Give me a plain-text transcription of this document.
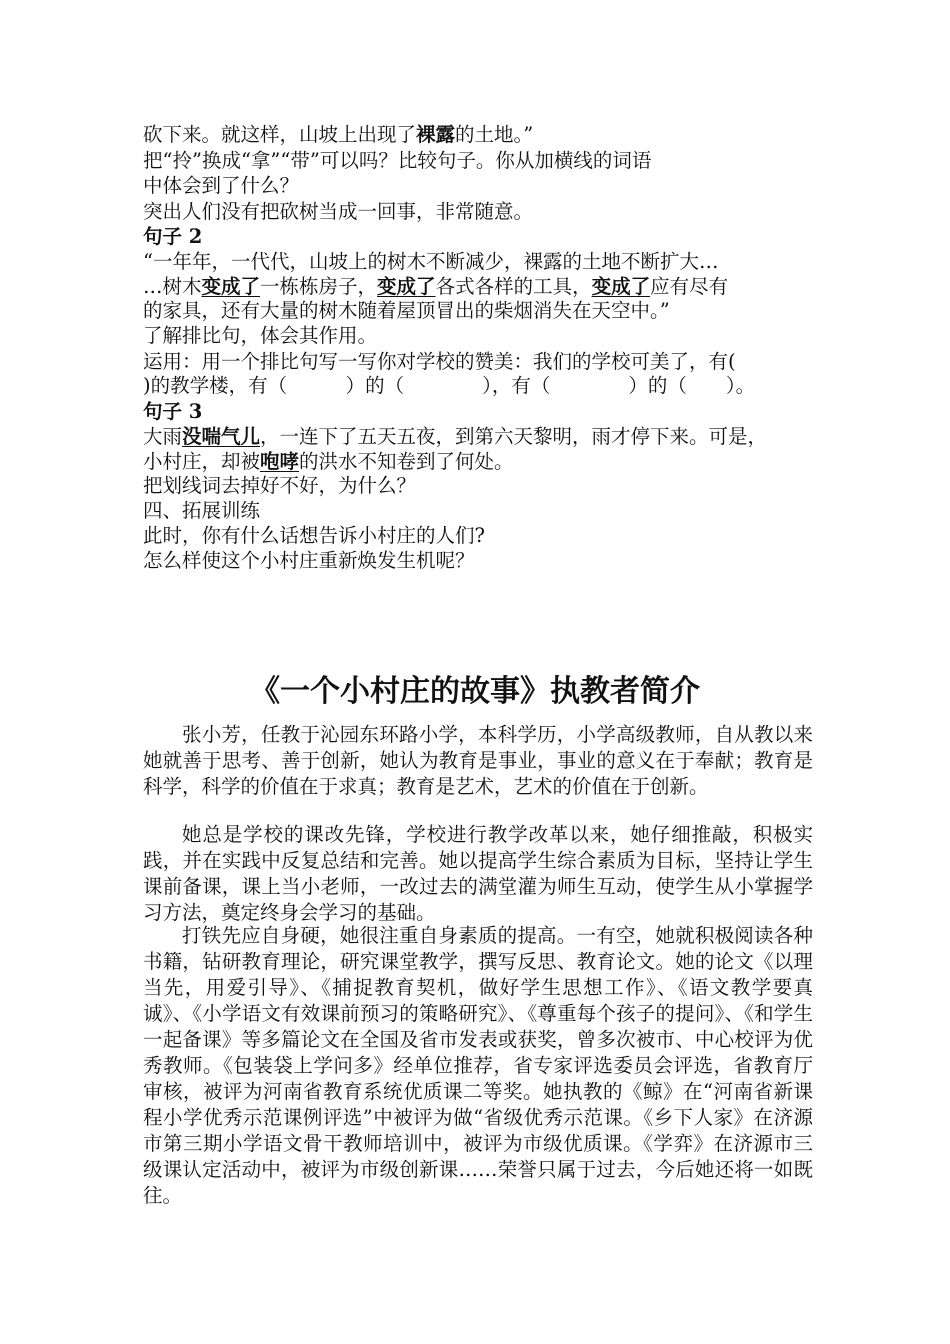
砍下来。就这样，山坡上出现了裸露的土地。”
把“拎”换成“拿”“带”可以吗？比较句子。你从加横线的词语
中体会到了什么？
突出人们没有把砍树当成一回事，非常随意。
句子 2
“一年年，一代代，山坡上的树木不断减少，裸露的土地不断扩大…
…树木变成了一栋栋房子，变成了各式各样的工具，变成了应有尽有
的家具，还有大量的树木随着屋顶冒出的柴烟消失在天空中。”
了解排比句，体会其作用。
运用：用一个排比句写一写你对学校的赞美：我们的学校可美了，有(
)的教学楼，有（　　　）的（　　　　），有（　　　　）的（　　）。
句子 3
大雨没喘气儿，一连下了五天五夜，到第六天黎明，雨才停下来。可是，
小村庄，却被咆哮的洪水不知卷到了何处。
把划线词去掉好不好，为什么？
四、拓展训练
此时，你有什么话想告诉小村庄的人们?
怎么样使这个小村庄重新焕发生机呢？
《一个小村庄的故事》执教者简介
张小芳，任教于沁园东环路小学，本科学历，小学高级教师，自从教以来她就善于思考、善于创新，她认为教育是事业，事业的意义在于奉献；教育是科学，科学的价值在于求真；教育是艺术，艺术的价值在于创新。
她总是学校的课改先锋，学校进行教学改革以来，她仔细推敲，积极实践，并在实践中反复总结和完善。她以提高学生综合素质为目标，坚持让学生课前备课，课上当小老师，一改过去的满堂灌为师生互动，使学生从小掌握学习方法，奠定终身会学习的基础。
打铁先应自身硬，她很注重自身素质的提高。一有空，她就积极阅读各种书籍，钻研教育理论，研究课堂教学，撰写反思、教育论文。她的论文《以理当先，用爱引导》、《捕捉教育契机，做好学生思想工作》、《语文教学要真诚》、《小学语文有效课前预习的策略研究》、《尊重每个孩子的提问》、《和学生一起备课》等多篇论文在全国及省市发表或获奖，曾多次被市、中心校评为优秀教师。《包装袋上学问多》经单位推荐，省专家评选委员会评选，省教育厅审核，被评为河南省教育系统优质课二等奖。她执教的《鲸》在“河南省新课程小学优秀示范课例评选”中被评为做“省级优秀示范课。《乡下人家》在济源市第三期小学语文骨干教师培训中，被评为市级优质课。《学弈》在济源市三级课认定活动中，被评为市级创新课……荣誉只属于过去，今后她还将一如既往。
